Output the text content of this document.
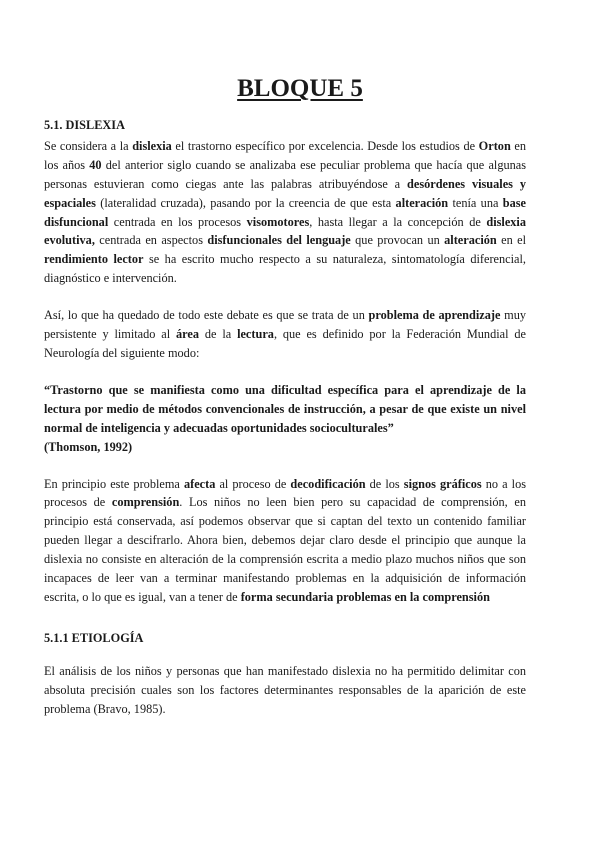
BLOQUE 5
5.1. DISLEXIA

Se considera a la dislexia el trastorno específico por excelencia. Desde los estudios de Orton en los años 40 del anterior siglo cuando se analizaba ese peculiar problema que hacía que algunas personas estuvieran como ciegas ante las palabras atribuyéndose a desórdenes visuales y espaciales (lateralidad cruzada), pasando por la creencia de que esta alteración tenía una base disfuncional centrada en los procesos visomotores, hasta llegar a la concepción de dislexia evolutiva, centrada en aspectos disfuncionales del lenguaje que provocan un alteración en el rendimiento lector se ha escrito mucho respecto a su naturaleza, sintomatología diferencial, diagnóstico e intervención.

Así, lo que ha quedado de todo este debate es que se trata de un problema de aprendizaje muy persistente y limitado al área de la lectura, que es definido por la Federación Mundial de Neurología del siguiente modo:

“Trastorno que se manifiesta como una dificultad específica para el aprendizaje de la lectura por medio de métodos convencionales de instrucción, a pesar de que existe un nivel normal de inteligencia y adecuadas oportunidades socioculturales”

(Thomson, 1992)

En principio este problema afecta al proceso de decodificación de los signos gráficos no a los procesos de comprensión. Los niños no leen bien pero su capacidad de comprensión, en principio está conservada, así podemos observar que si captan del texto un contenido familiar pueden llegar a descifrarlo. Ahora bien, debemos dejar claro desde el principio que aunque la dislexia no consiste en alteración de la comprensión escrita a medio plazo muchos niños que son incapaces de leer van a terminar manifestando problemas en la adquisición de información escrita, o lo que es igual, van a tener de forma secundaria problemas en la comprensión

5.1.1 ETIOLOGÍA

El análisis de los niños y personas que han manifestado dislexia no ha permitido delimitar con absoluta precisión cuales son los factores determinantes responsables de la aparición de este problema (Bravo, 1985).
